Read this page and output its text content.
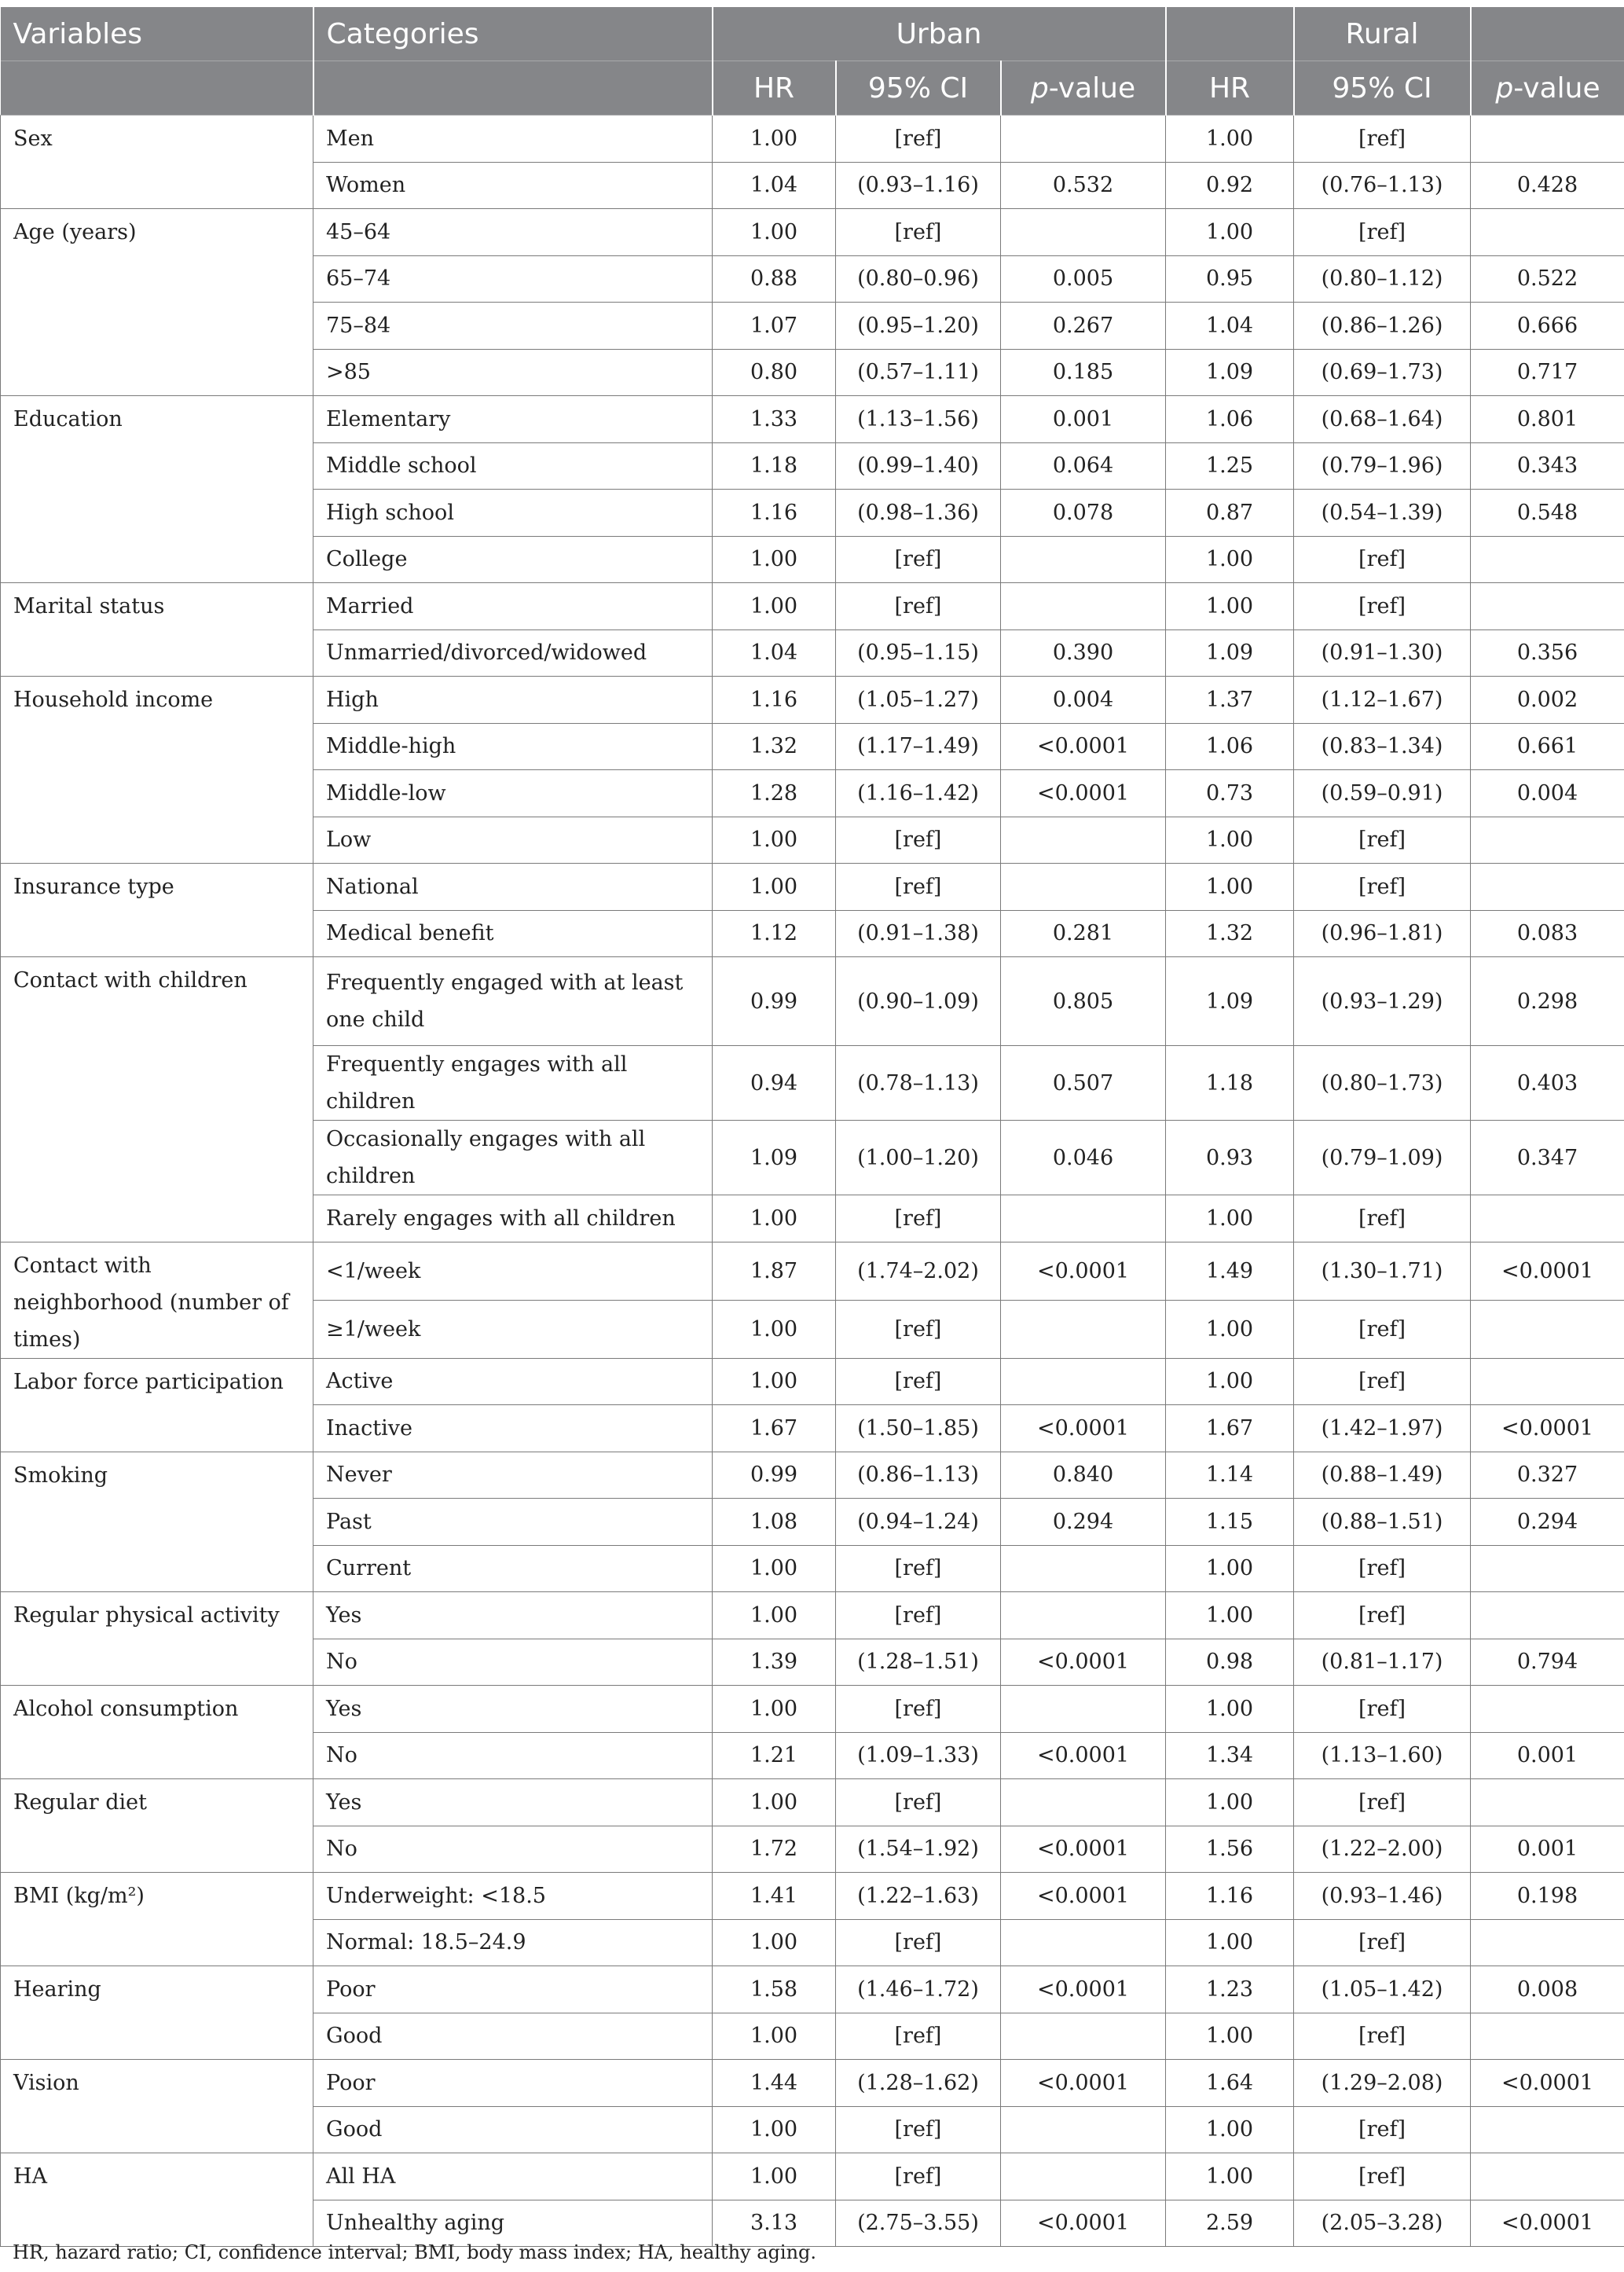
Variables	Categories	Urban				Rural	
		HR	95% CI	p-value	HR	95% CI	p-value
Sex	Men	1.00	[ref]		1.00	[ref]	
	Women	1.04	(0.93–1.16)	0.532	0.92	(0.76–1.13)	0.428
Age (years)	45–64	1.00	[ref]		1.00	[ref]	
	65–74	0.88	(0.80–0.96)	0.005	0.95	(0.80–1.12)	0.522
	75–84	1.07	(0.95–1.20)	0.267	1.04	(0.86–1.26)	0.666
	>85	0.80	(0.57–1.11)	0.185	1.09	(0.69–1.73)	0.717
Education	Elementary	1.33	(1.13–1.56)	0.001	1.06	(0.68–1.64)	0.801
	Middle school	1.18	(0.99–1.40)	0.064	1.25	(0.79–1.96)	0.343
	High school	1.16	(0.98–1.36)	0.078	0.87	(0.54–1.39)	0.548
	College	1.00	[ref]		1.00	[ref]	
Marital status	Married	1.00	[ref]		1.00	[ref]	
	Unmarried/divorced/widowed	1.04	(0.95–1.15)	0.390	1.09	(0.91–1.30)	0.356
Household income	High	1.16	(1.05–1.27)	0.004	1.37	(1.12–1.67)	0.002
	Middle-high	1.32	(1.17–1.49)	<0.0001	1.06	(0.83–1.34)	0.661
	Middle-low	1.28	(1.16–1.42)	<0.0001	0.73	(0.59–0.91)	0.004
	Low	1.00	[ref]		1.00	[ref]	
Insurance type	National	1.00	[ref]		1.00	[ref]	
	Medical benefit	1.12	(0.91–1.38)	0.281	1.32	(0.96–1.81)	0.083
Contact with children	Frequently engaged with at least one child	0.99	(0.90–1.09)	0.805	1.09	(0.93–1.29)	0.298
	Frequently engages with all children	0.94	(0.78–1.13)	0.507	1.18	(0.80–1.73)	0.403
	Occasionally engages with all children	1.09	(1.00–1.20)	0.046	0.93	(0.79–1.09)	0.347
	Rarely engages with all children	1.00	[ref]		1.00	[ref]	
Contact with neighborhood (number of times)	<1/week	1.87	(1.74–2.02)	<0.0001	1.49	(1.30–1.71)	<0.0001
	≥1/week	1.00	[ref]		1.00	[ref]	
Labor force participation	Active	1.00	[ref]		1.00	[ref]	
	Inactive	1.67	(1.50–1.85)	<0.0001	1.67	(1.42–1.97)	<0.0001
Smoking	Never	0.99	(0.86–1.13)	0.840	1.14	(0.88–1.49)	0.327
	Past	1.08	(0.94–1.24)	0.294	1.15	(0.88–1.51)	0.294
	Current	1.00	[ref]		1.00	[ref]	
Regular physical activity	Yes	1.00	[ref]		1.00	[ref]	
	No	1.39	(1.28–1.51)	<0.0001	0.98	(0.81–1.17)	0.794
Alcohol consumption	Yes	1.00	[ref]		1.00	[ref]	
	No	1.21	(1.09–1.33)	<0.0001	1.34	(1.13–1.60)	0.001
Regular diet	Yes	1.00	[ref]		1.00	[ref]	
	No	1.72	(1.54–1.92)	<0.0001	1.56	(1.22–2.00)	0.001
BMI (kg/m²)	Underweight: <18.5	1.41	(1.22–1.63)	<0.0001	1.16	(0.93–1.46)	0.198
	Normal: 18.5–24.9	1.00	[ref]		1.00	[ref]	
Hearing	Poor	1.58	(1.46–1.72)	<0.0001	1.23	(1.05–1.42)	0.008
	Good	1.00	[ref]		1.00	[ref]	
Vision	Poor	1.44	(1.28–1.62)	<0.0001	1.64	(1.29–2.08)	<0.0001
	Good	1.00	[ref]		1.00	[ref]	
HA	All HA	1.00	[ref]		1.00	[ref]	
	Unhealthy aging	3.13	(2.75–3.55)	<0.0001	2.59	(2.05–3.28)	<0.0001
HR, hazard ratio; CI, confidence interval; BMI, body mass index; HA, healthy aging.
